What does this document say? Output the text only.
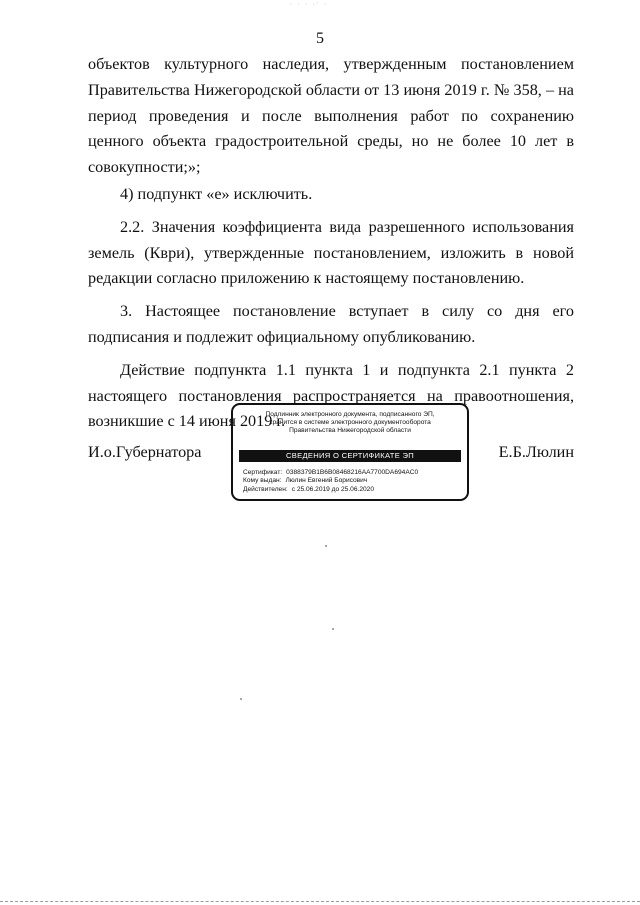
· · · ·˙ ·
5

объектов культурного наследия, утвержденным постановлением Правительства Нижегородской области от 13 июня 2019 г. № 358, – на период проведения и после выполнения работ по сохранению ценного объекта градостроительной среды, но не более 10 лет в совокупности;»;

4) подпункт «е» исключить.

2.2. Значения коэффициента вида разрешенного использования земель (Кври), утвержденные постановлением, изложить в новой редакции согласно приложению к настоящему постановлению.

3. Настоящее постановление вступает в силу со дня его подписания и подлежит официальному опубликованию.

Действие подпункта 1.1 пункта 1 и подпункта 2.1 пункта 2 настоящего постановления распространяется на правоотношения, возникшие с 14 июня 2019 г.

И.о.Губернатора
Подлинник электронного документа, подписанного ЭП,
хранится в системе электронного документооборота
Правительства Нижегородской области
СВЕДЕНИЯ О СЕРТИФИКАТЕ ЭП
Сертификат: 0388379B1B6B08468216AA7700DA694AC0
Кому выдан: Люлин Евгений Борисович
Действителен: с 25.06.2019 до 25.06.2020
Е.Б.Люлин
